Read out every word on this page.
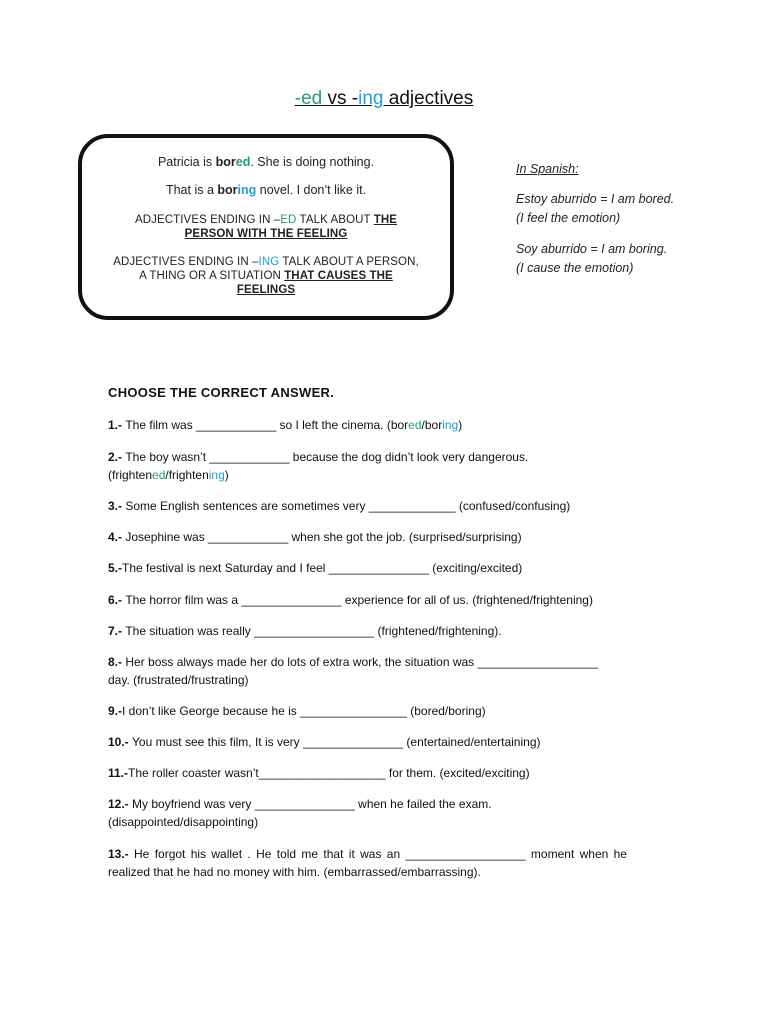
-ed vs -ing adjectives
Patricia is bored. She is doing nothing.
That is a boring novel. I don’t like it.
ADJECTIVES ENDING IN –ED TALK ABOUT THE
PERSON WITH THE FEELING
ADJECTIVES ENDING IN –ING TALK ABOUT A PERSON,
A THING OR A SITUATION THAT CAUSES THE
FEELINGS
In Spanish:
Estoy aburrido = I am bored.
(I feel the emotion)
Soy aburrido = I am boring.
(I cause the emotion)
CHOOSE THE CORRECT ANSWER.
1.- The film was ____________ so I left the cinema. (bored/boring)
2.- The boy wasn’t ____________ because the dog didn’t look very dangerous.
(frightened/frightening)
3.- Some English sentences are sometimes very _____________ (confused/confusing)
4.- Josephine was ____________ when she got the job. (surprised/surprising)
5.-The festival is next Saturday and I feel _______________ (exciting/excited)
6.- The horror film was a _______________ experience for all of us. (frightened/frightening)
7.- The situation was really __________________ (frightened/frightening).
8.- Her boss always made her do lots of extra work, the situation was __________________
day. (frustrated/frustrating)
9.-I don’t like George because he is ________________ (bored/boring)
10.- You must see this film, It is very _______________ (entertained/entertaining)
11.-The roller coaster wasn’t___________________ for them. (excited/exciting)
12.- My boyfriend was very _______________ when he failed the exam.
(disappointed/disappointing)
13.- He forgot his wallet . He told me that it was an __________________ moment when he
realized that he had no money with him. (embarrassed/embarrassing).
